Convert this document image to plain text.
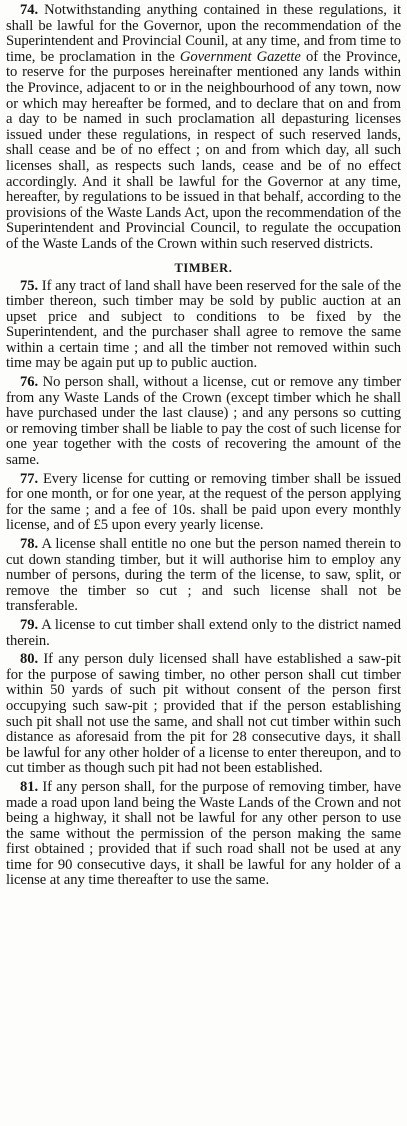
74. Notwithstanding anything contained in these regulations, it shall be lawful for the Governor, upon the recommendation of the Superintendent and Provincial Counil, at any time, and from time to time, be proclamation in the Government Gazette of the Province, to reserve for the purposes hereinafter mentioned any lands within the Province, adjacent to or in the neighbourhood of any town, now or which may hereafter be formed, and to declare that on and from a day to be named in such proclamation all depasturing licenses issued under these regulations, in respect of such reserved lands, shall cease and be of no effect ; on and from which day, all such licenses shall, as respects such lands, cease and be of no effect accordingly. And it shall be lawful for the Governor at any time, hereafter, by regulations to be issued in that behalf, according to the provisions of the Waste Lands Act, upon the recommendation of the Superintendent and Provincial Council, to regulate the occupation of the Waste Lands of the Crown within such reserved districts.

TIMBER.

75. If any tract of land shall have been reserved for the sale of the timber thereon, such timber may be sold by public auction at an upset price and subject to conditions to be fixed by the Superintendent, and the purchaser shall agree to remove the same within a certain time ; and all the timber not removed within such time may be again put up to public auction.

76. No person shall, without a license, cut or remove any timber from any Waste Lands of the Crown (except timber which he shall have purchased under the last clause) ; and any persons so cutting or removing timber shall be liable to pay the cost of such license for one year together with the costs of recovering the amount of the same.

77. Every license for cutting or removing timber shall be issued for one month, or for one year, at the request of the person applying for the same ; and a fee of 10s. shall be paid upon every monthly license, and of £5 upon every yearly license.

78. A license shall entitle no one but the person named therein to cut down standing timber, but it will authorise him to employ any number of persons, during the term of the license, to saw, split, or remove the timber so cut ; and such license shall not be transferable.

79. A license to cut timber shall extend only to the district named therein.

80. If any person duly licensed shall have established a saw-pit for the purpose of sawing timber, no other person shall cut timber within 50 yards of such pit without consent of the person first occupying such saw-pit ; provided that if the person establishing such pit shall not use the same, and shall not cut timber within such distance as aforesaid from the pit for 28 consecutive days, it shall be lawful for any other holder of a license to enter thereupon, and to cut timber as though such pit had not been established.

81. If any person shall, for the purpose of removing timber, have made a road upon land being the Waste Lands of the Crown and not being a highway, it shall not be lawful for any other person to use the same without the permission of the person making the same first obtained ; provided that if such road shall not be used at any time for 90 consecutive days, it shall be lawful for any holder of a license at any time thereafter to use the same.
